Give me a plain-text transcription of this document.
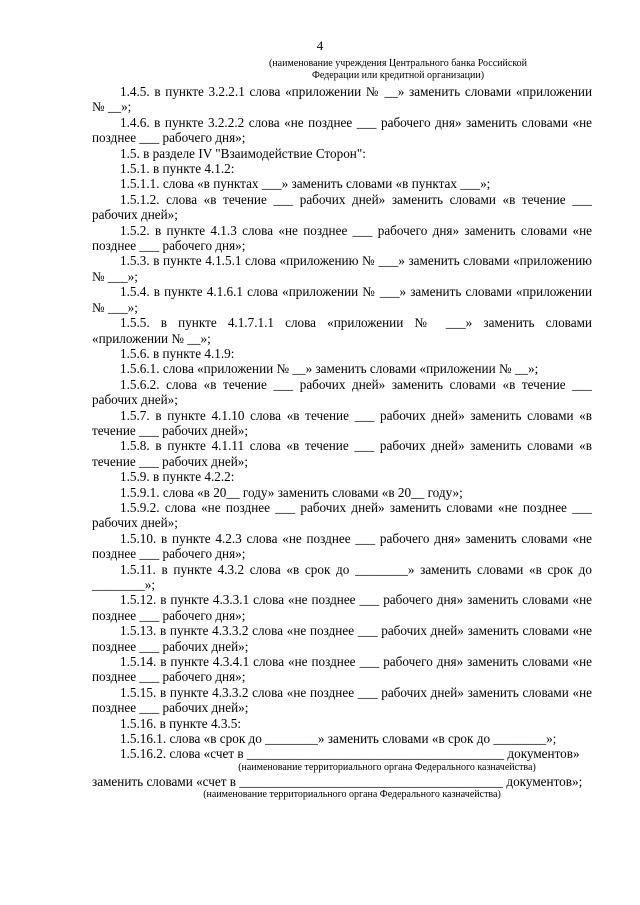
4
(наименование учреждения Центрального банка Российской
Федерации или кредитной организации)

1.4.5. в пункте 3.2.2.1 слова «приложении № __» заменить словами «приложении № __»;

1.4.6. в пункте 3.2.2.2 слова «не позднее ___ рабочего дня» заменить словами «не позднее ___ рабочего дня»;

1.5. в разделе IV "Взаимодействие Сторон":

1.5.1. в пункте 4.1.2:

1.5.1.1. слова «в пунктах ___» заменить словами «в пунктах ___»;

1.5.1.2. слова «в течение ___ рабочих дней» заменить словами «в течение ___ рабочих дней»;

1.5.2. в пункте 4.1.3 слова «не позднее ___ рабочего дня» заменить словами «не позднее ___ рабочего дня»;

1.5.3. в пункте 4.1.5.1 слова «приложению № ___» заменить словами «приложению № ___»;

1.5.4. в пункте 4.1.6.1 слова «приложении № ___» заменить словами «приложении № ___»;

1.5.5. в пункте 4.1.7.1.1 слова «приложении № ___» заменить словами «приложении № __»;

1.5.6. в пункте 4.1.9:

1.5.6.1. слова «приложении № __» заменить словами «приложении № __»;

1.5.6.2. слова «в течение ___ рабочих дней» заменить словами «в течение ___ рабочих дней»;

1.5.7. в пункте 4.1.10 слова «в течение ___ рабочих дней» заменить словами «в течение ___ рабочих дней»;

1.5.8. в пункте 4.1.11 слова «в течение ___ рабочих дней» заменить словами «в течение ___ рабочих дней»;

1.5.9. в пункте 4.2.2:

1.5.9.1. слова «в 20__ году» заменить словами «в 20__ году»;

1.5.9.2. слова «не позднее ___ рабочих дней» заменить словами «не позднее ___ рабочих дней»;

1.5.10. в пункте 4.2.3 слова «не позднее ___ рабочего дня» заменить словами «не позднее ___ рабочего дня»;

1.5.11. в пункте 4.3.2 слова «в срок до ________» заменить словами «в срок до ________»;

1.5.12. в пункте 4.3.3.1 слова «не позднее ___ рабочего дня» заменить словами «не позднее ___ рабочего дня»;

1.5.13. в пункте 4.3.3.2 слова «не позднее ___ рабочих дней» заменить словами «не позднее ___ рабочих дней»;

1.5.14. в пункте 4.3.4.1 слова «не позднее ___ рабочего дня» заменить словами «не позднее ___ рабочего дня»;

1.5.15. в пункте 4.3.3.2 слова «не позднее ___ рабочих дней» заменить словами «не позднее ___ рабочих дней»;

1.5.16. в пункте 4.3.5:

1.5.16.1. слова «в срок до ________» заменить словами «в срок до ________»;

1.5.16.2. слова «счет в _______________________________________ документов»

(наименование территориального органа Федерального казначейства)

заменить словами «счет в ________________________________________ документов»;

(наименование территориального органа Федерального казначейства)
